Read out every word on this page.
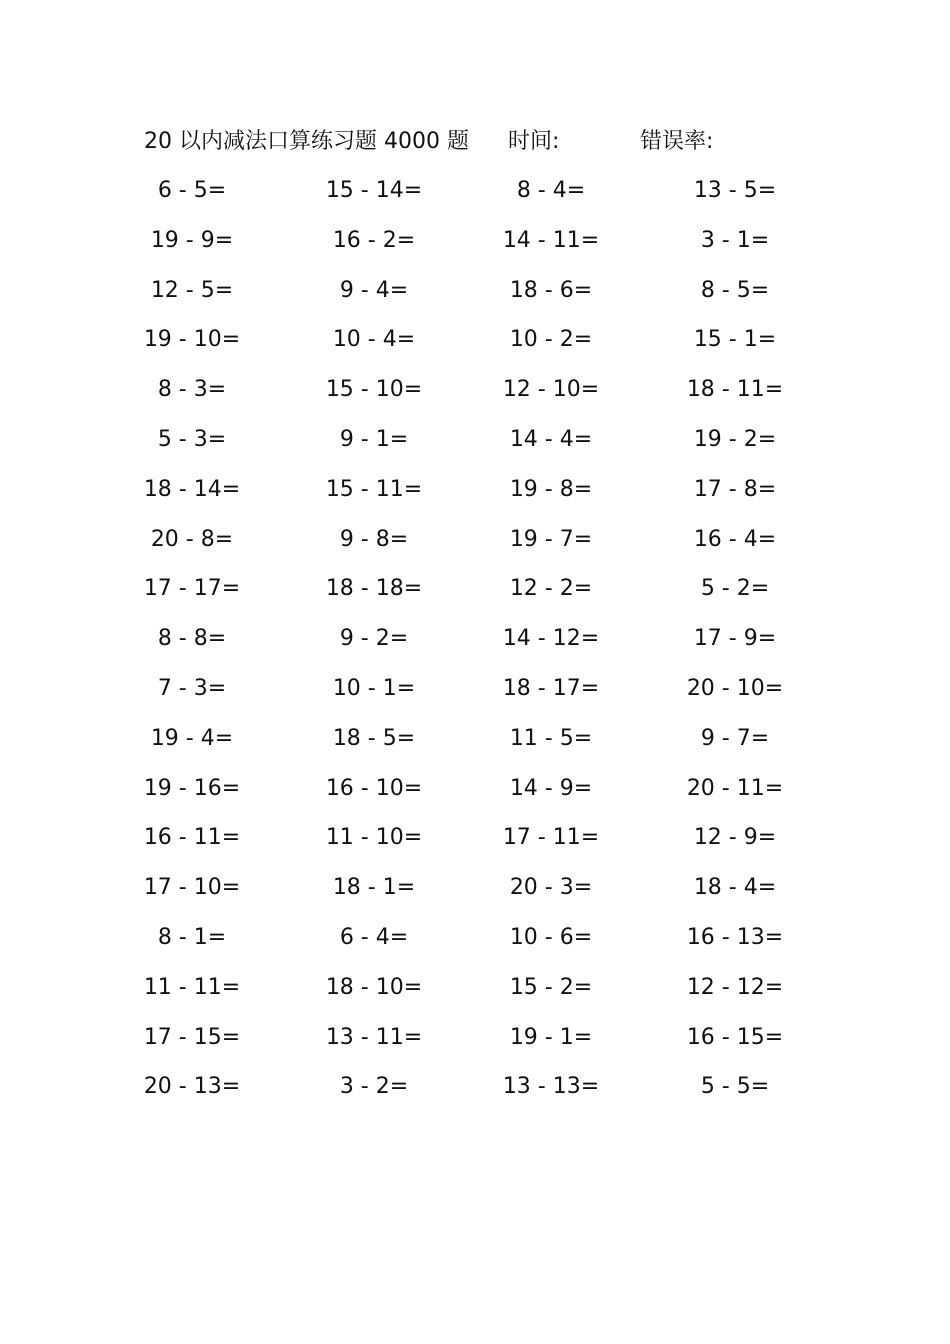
20 以内减法口算练习题 4000 题 时间:	错误率:
6 - 5=
19 - 9=
12 - 5=
19 - 10=
8 - 3=
5 - 3=
18 - 14=
20 - 8=
17 - 17=
8 - 8=
7 - 3=
19 - 4=
19 - 16=
16 - 11=
17 - 10=
8 - 1=
11 - 11=
17 - 15=
20 - 13=
15 - 14=
16 - 2=
9 - 4=
10 - 4=
15 - 10=
9 - 1=
15 - 11=
9 - 8=
18 - 18=
9 - 2=
10 - 1=
18 - 5=
16 - 10=
11 - 10=
18 - 1=
6 - 4=
18 - 10=
13 - 11=
3 - 2=
8 - 4=
14 - 11=
18 - 6=
10 - 2=
12 - 10=
14 - 4=
19 - 8=
19 - 7=
12 - 2=
14 - 12=
18 - 17=
11 - 5=
14 - 9=
17 - 11=
20 - 3=
10 - 6=
15 - 2=
19 - 1=
13 - 13=
13 - 5=
3 - 1=
8 - 5=
15 - 1=
18 - 11=
19 - 2=
17 - 8=
16 - 4=
5 - 2=
17 - 9=
20 - 10=
9 - 7=
20 - 11=
12 - 9=
18 - 4=
16 - 13=
12 - 12=
16 - 15=
5 - 5=
